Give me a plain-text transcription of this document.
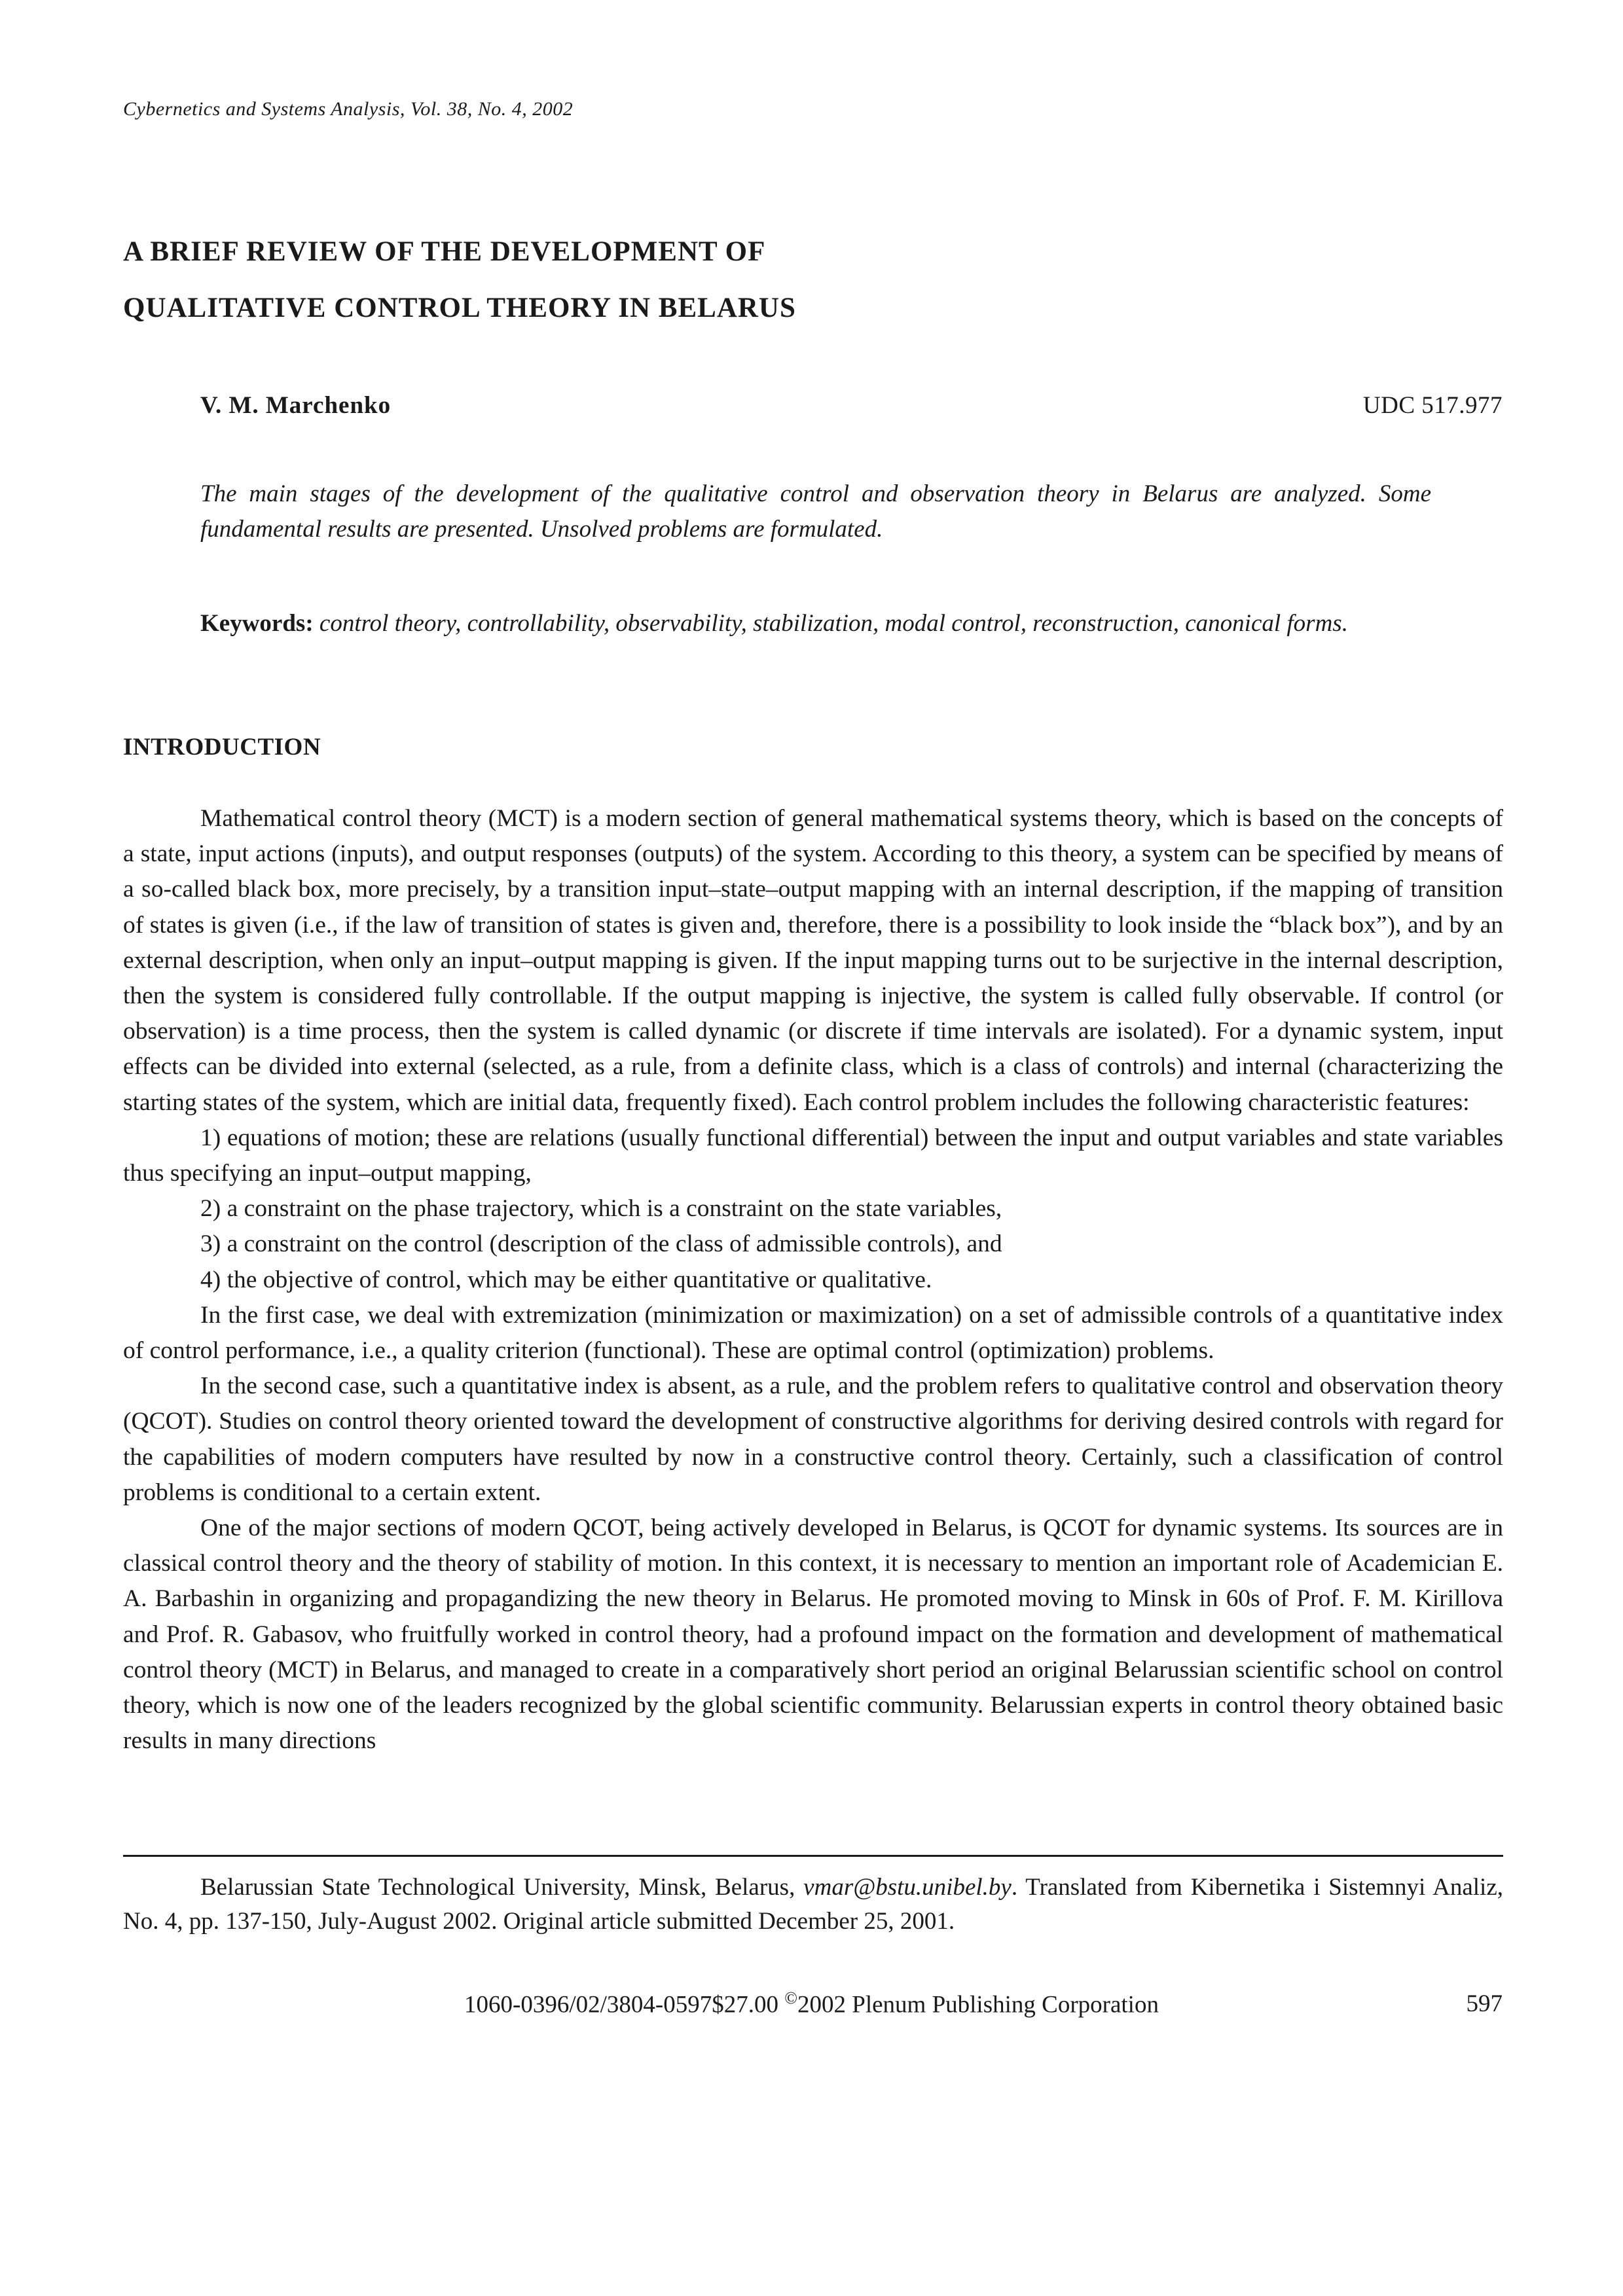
Cybernetics and Systems Analysis, Vol. 38, No. 4, 2002
A BRIEF REVIEW OF THE DEVELOPMENT OF
QUALITATIVE CONTROL THEORY IN BELARUS
V. M. Marchenko	UDC 517.977
The main stages of the development of the qualitative control and observation theory in Belarus are analyzed. Some fundamental results are presented. Unsolved problems are formulated.
Keywords: control theory, controllability, observability, stabilization, modal control, reconstruction, canonical forms.
INTRODUCTION

Mathematical control theory (MCT) is a modern section of general mathematical systems theory, which is based on the concepts of a state, input actions (inputs), and output responses (outputs) of the system. According to this theory, a system can be specified by means of a so-called black box, more precisely, by a transition input–state–output mapping with an internal description, if the mapping of transition of states is given (i.e., if the law of transition of states is given and, therefore, there is a possibility to look inside the “black box”), and by an external description, when only an input–output mapping is given. If the input mapping turns out to be surjective in the internal description, then the system is considered fully controllable. If the output mapping is injective, the system is called fully observable. If control (or observation) is a time process, then the system is called dynamic (or discrete if time intervals are isolated). For a dynamic system, input effects can be divided into external (selected, as a rule, from a definite class, which is a class of controls) and internal (characterizing the starting states of the system, which are initial data, frequently fixed). Each control problem includes the following characteristic features:

1) equations of motion; these are relations (usually functional differential) between the input and output variables and state variables thus specifying an input–output mapping,

2) a constraint on the phase trajectory, which is a constraint on the state variables,

3) a constraint on the control (description of the class of admissible controls), and

4) the objective of control, which may be either quantitative or qualitative.

In the first case, we deal with extremization (minimization or maximization) on a set of admissible controls of a quantitative index of control performance, i.e., a quality criterion (functional). These are optimal control (optimization) problems.

In the second case, such a quantitative index is absent, as a rule, and the problem refers to qualitative control and observation theory (QCOT). Studies on control theory oriented toward the development of constructive algorithms for deriving desired controls with regard for the capabilities of modern computers have resulted by now in a constructive control theory. Certainly, such a classification of control problems is conditional to a certain extent.

One of the major sections of modern QCOT, being actively developed in Belarus, is QCOT for dynamic systems. Its sources are in classical control theory and the theory of stability of motion. In this context, it is necessary to mention an important role of Academician E. A. Barbashin in organizing and propagandizing the new theory in Belarus. He promoted moving to Minsk in 60s of Prof. F. M. Kirillova and Prof. R. Gabasov, who fruitfully worked in control theory, had a profound impact on the formation and development of mathematical control theory (MCT) in Belarus, and managed to create in a comparatively short period an original Belarussian scientific school on control theory, which is now one of the leaders recognized by the global scientific community. Belarussian experts in control theory obtained basic results in many directions

Belarussian State Technological University, Minsk, Belarus, vmar@bstu.unibel.by. Translated from Kibernetika i Sistemnyi Analiz, No. 4, pp. 137-150, July-August 2002. Original article submitted December 25, 2001.
1060-0396/02/3804-0597$27.00 ©2002 Plenum Publishing Corporation	597
